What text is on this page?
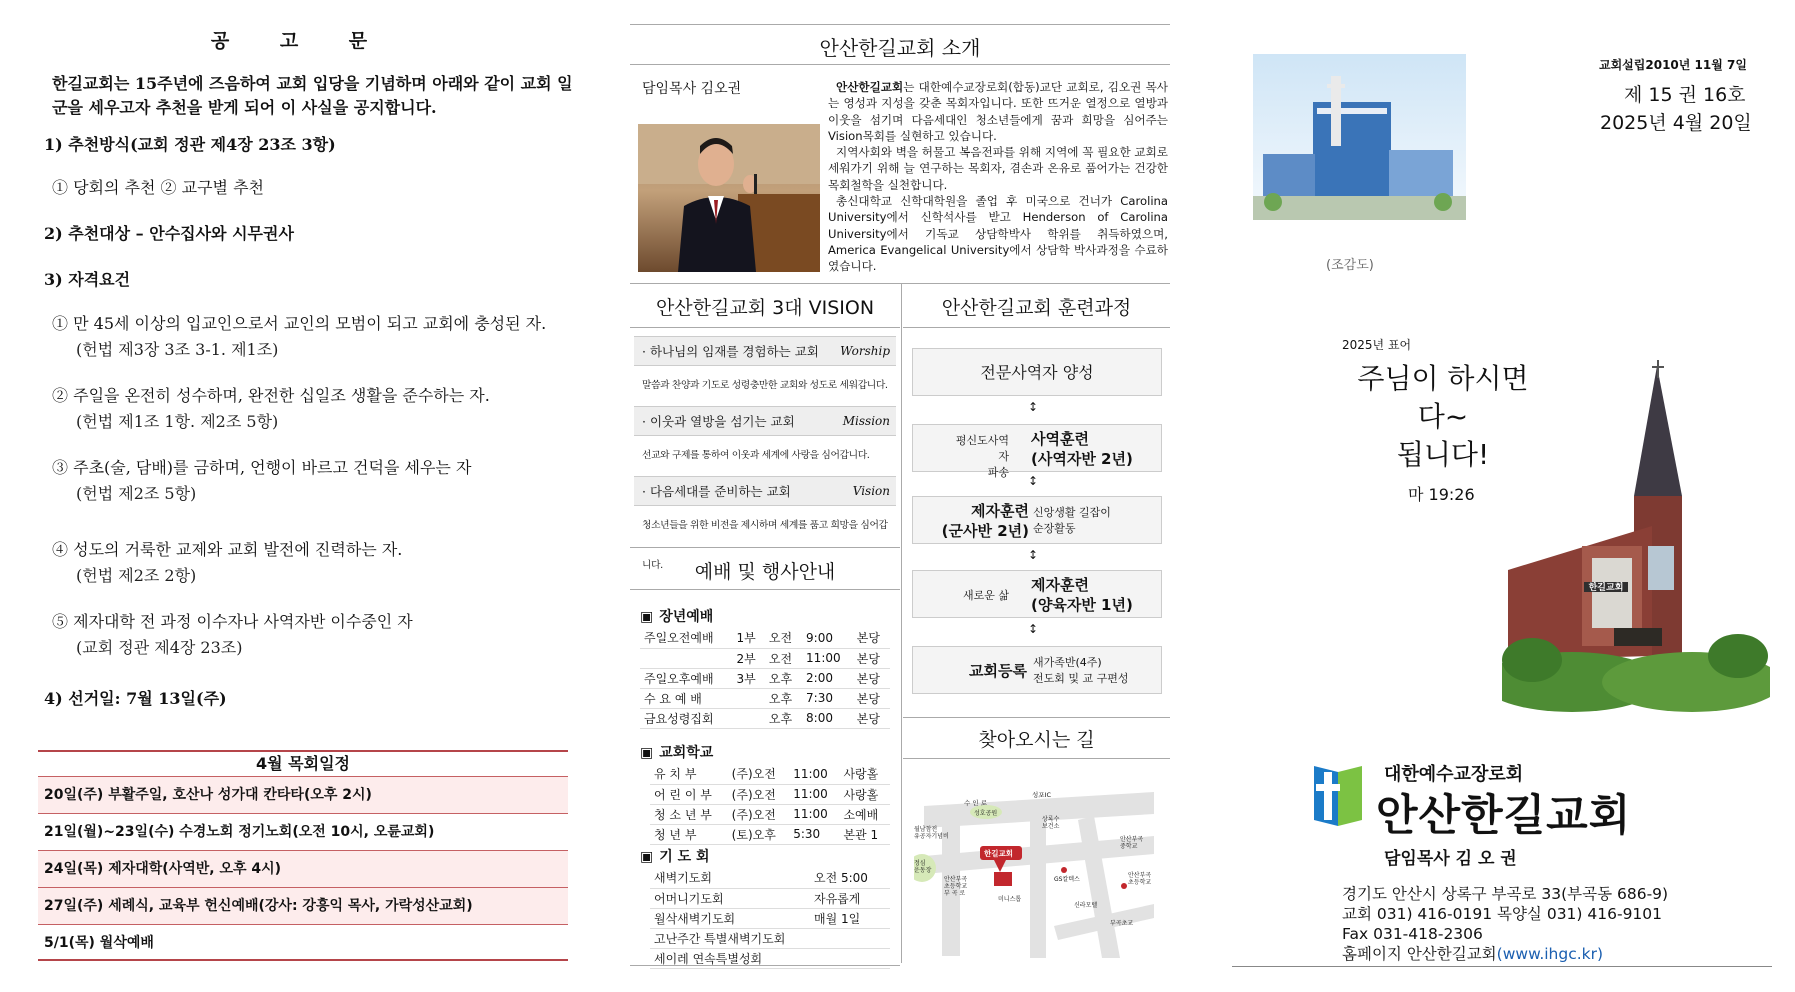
공 고 문
한길교회는 15주년에 즈음하여 교회 입당을 기념하며 아래와 같이 교회 일군을 세우고자 추천을 받게 되어 이 사실을 공지합니다.
1) 추천방식(교회 정관 제4장 23조 3항)
① 당회의 추천 ② 교구별 추천
2) 추천대상 – 안수집사와 시무권사
3) 자격요건
① 만 45세 이상의 입교인으로서 교인의 모범이 되고 교회에 충성된 자.
(헌법 제3장 3조 3-1. 제1조)
② 주일을 온전히 성수하며, 완전한 십일조 생활을 준수하는 자.
(헌법 제1조 1항. 제2조 5항)
③ 주초(술, 담배)를 금하며, 언행이 바르고 건덕을 세우는 자
(헌법 제2조 5항)
④ 성도의 거룩한 교제와 교회 발전에 진력하는 자.
(헌법 제2조 2항)
⑤ 제자대학 전 과정 이수자나 사역자반 이수중인 자
(교회 정관 제4장 23조)
4) 선거일: 7월 13일(주)
4월 목회일정
20일(주) 부활주일, 호산나 성가대 칸타타(오후 2시)
21일(월)~23일(수) 수경노회 정기노회(오전 10시, 오륜교회)
24일(목) 제자대학(사역반, 오후 4시)
27일(주) 세례식, 교육부 헌신예배(강사: 강흥익 목사, 가락성산교회)
5/1(목) 월삭예배
안산한길교회 소개
담임목사 김오권	안산한길교회는 대한예수교장로회(합동)교단 교회로, 김오권 목사는 영성과 지성을 갖춘 목회자입니다. 또한 뜨거운 열정으로 열방과 이웃을 섬기며 다음세대인 청소년들에게 꿈과 희망을 심어주는 Vision목회를 실현하고 있습니다.

지역사회와 벽을 허물고 복음전파를 위해 지역에 꼭 필요한 교회로 세워가기 위해 늘 연구하는 목회자, 겸손과 온유로 품어가는 건강한 목회철학을 실천합니다.

총신대학교 신학대학원을 졸업 후 미국으로 건너가 Carolina University에서 신학석사를 받고 Henderson of Carolina University에서 기독교 상담학박사 학위를 취득하였으며, America Evangelical University에서 상담학 박사과정을 수료하였습니다.

안산한길교회 3대 VISION
· 하나님의 임재를 경험하는 교회	Worship
말씀과 찬양과 기도로 성령충만한 교회와 성도로 세워갑니다.
· 이웃과 열방을 섬기는 교회	Mission
선교와 구제를 통하여 이웃과 세계에 사랑을 심어갑니다.
· 다음세대를 준비하는 교회	Vision
청소년들을 위한 비전을 제시하며 세계를 품고 희망을 심어갑니다.	예배 및 행사안내
▣ 장년예배
주일오전예배	1부	오전	9:00	본당
	2부	오전	11:00	본당
주일오후예배	3부	오후	2:00	본당
수 요 예 배		오후	7:30	본당
금요성령집회		오후	8:00	본당
▣ 교회학교
유 치 부	(주)오전	11:00	사랑홀
어 린 이 부	(주)오전	11:00	사랑홀
청 소 년 부	(주)오전	11:00	소예배
청 년 부	(토)오후	5:30	본관 1
▣ 기 도 회
새벽기도회	오전 5:00
어머니기도회	자유롭게
월삭새벽기도회	매월 1일
고난주간 특별새벽기도회	
세이레 연속특별성회	
안산한길교회 훈련과정
전문사역자 양성
↕
평신도사역자
파송
사역훈련
(사역자반 2년)
↕
제자훈련
(군사반 2년)
신앙생활 길잡이
순장활동
↕
새로운 삶
제자훈련
(양육자반 1년)
↕
교회등록 새가족반(4주)
전도회 및 교 구편성
찾아오시는 길
수 인 로
성포IC
월남참전
유공자기념비
성호공원
한길교회
정심
운동장
안산부곡
초등학교
부 곡 로
미니스톱
GS칼텍스
신라모텔
부곡초교
안산부곡
중학교
안산부곡
초등학교
상록수
보건소
(조감도)
교회설립2010년 11월 7일
제 15 권 16호
2025년 4월 20일
2025년 표어
주님이 하시면
다~
됩니다!
마 19:26
한길교회
대한예수교장로회
안산한길교회
담임목사 김 오 권
경기도 안산시 상록구 부곡로 33(부곡동 686-9)
교회 031) 416-0191 목양실 031) 416-9101
Fax 031-418-2306
홈페이지 안산한길교회(www.ihgc.kr)
